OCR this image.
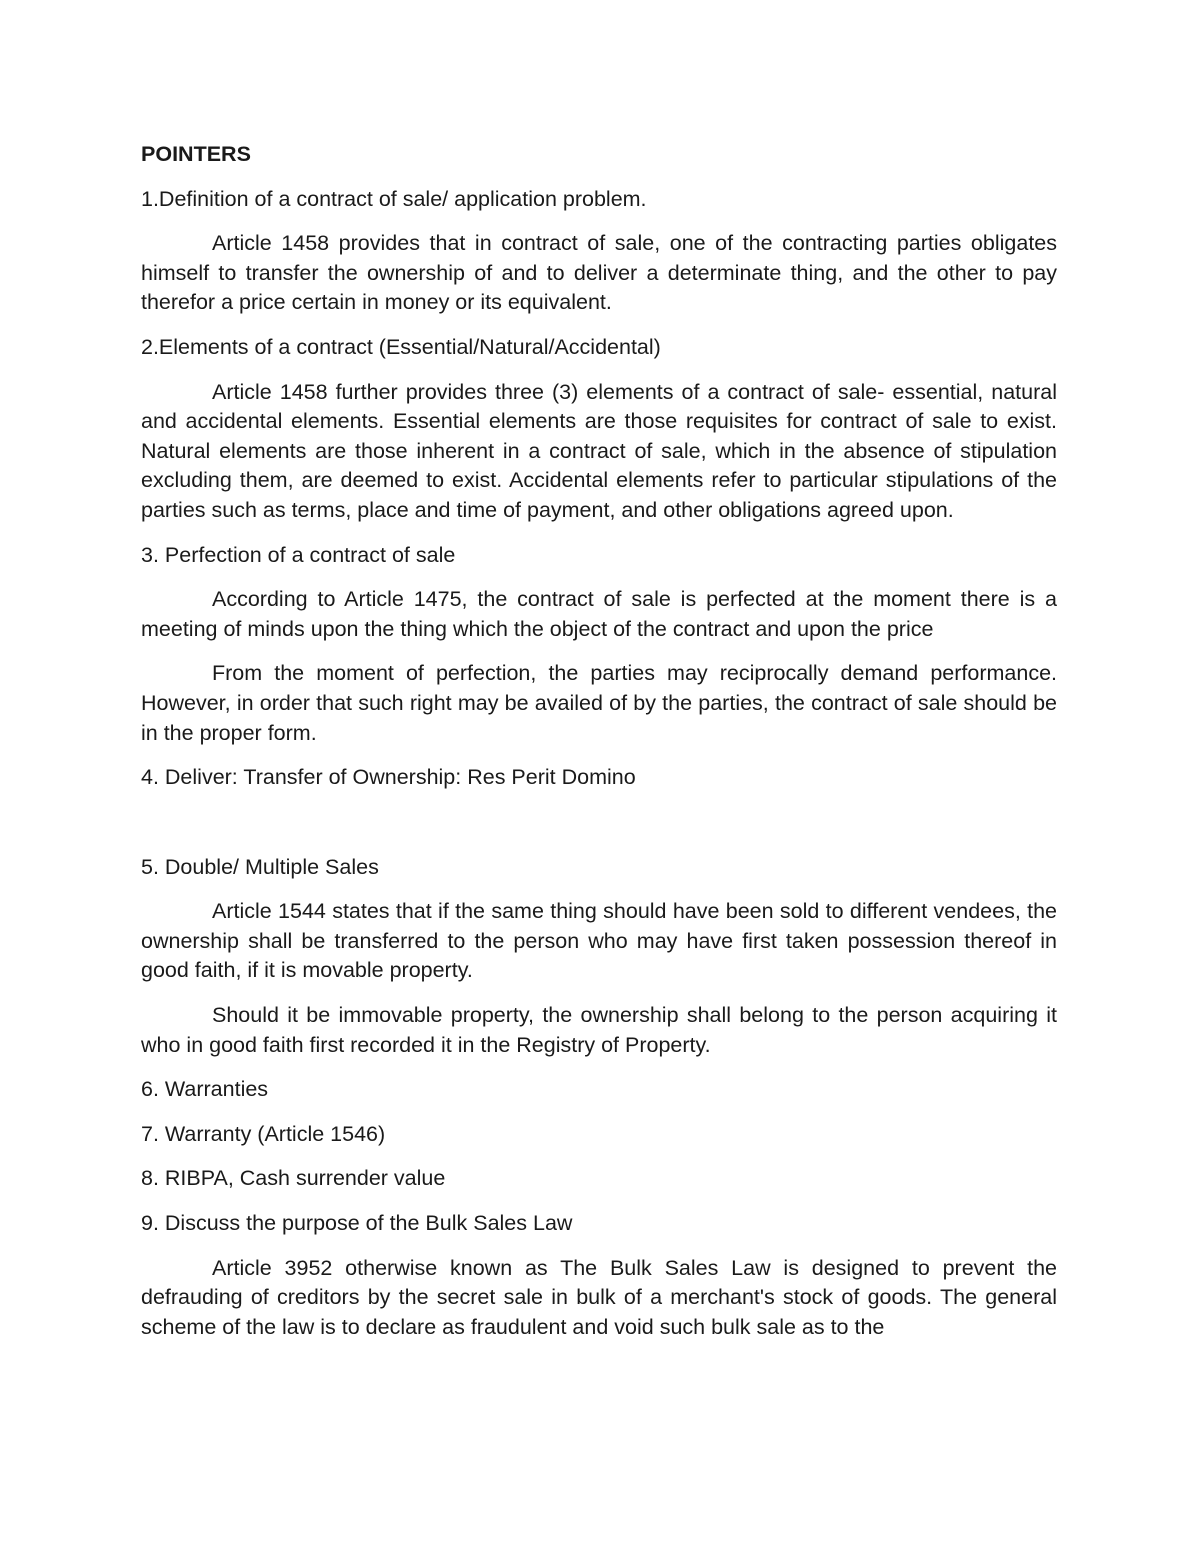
POINTERS

1.Definition of a contract of sale/ application problem.

Article 1458 provides that in contract of sale, one of the contracting parties obligates himself to transfer the ownership of and to deliver a determinate thing, and the other to pay therefor a price certain in money or its equivalent.

2.Elements of a contract (Essential/Natural/Accidental)

Article 1458 further provides three (3) elements of a contract of sale- essential, natural and accidental elements. Essential elements are those requisites for contract of sale to exist. Natural elements are those inherent in a contract of sale, which in the absence of stipulation excluding them, are deemed to exist. Accidental elements refer to particular stipulations of the parties such as terms, place and time of payment, and other obligations agreed upon.

3. Perfection of a contract of sale

According to Article 1475, the contract of sale is perfected at the moment there is a meeting of minds upon the thing which the object of the contract and upon the price

From the moment of perfection, the parties may reciprocally demand performance. However, in order that such right may be availed of by the parties, the contract of sale should be in the proper form.

4. Deliver: Transfer of Ownership: Res Perit Domino

5. Double/ Multiple Sales

Article 1544 states that if the same thing should have been sold to different vendees, the ownership shall be transferred to the person who may have first taken possession thereof in good faith, if it is movable property.

Should it be immovable property, the ownership shall belong to the person acquiring it who in good faith first recorded it in the Registry of Property.

6. Warranties

7. Warranty (Article 1546)

8. RIBPA, Cash surrender value

9. Discuss the purpose of the Bulk Sales Law

Article 3952 otherwise known as The Bulk Sales Law is designed to prevent the defrauding of creditors by the secret sale in bulk of a merchant's stock of goods. The general scheme of the law is to declare as fraudulent and void such bulk sale as to the
